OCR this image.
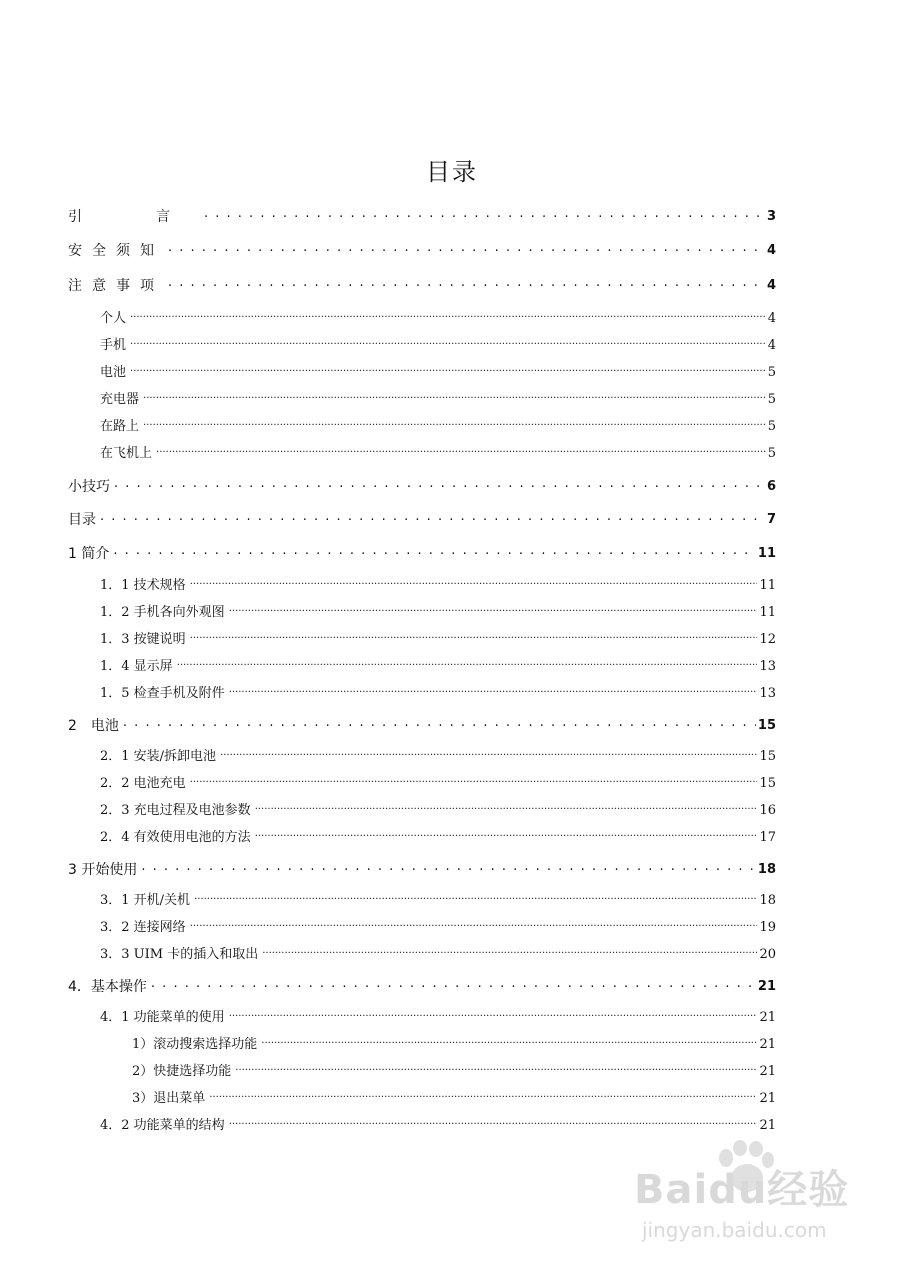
目录
引　言 . . .	3
安全须知 . . .	4
注意事项 . . .	4
个人 .....	4
手机 .....	4
电池 .....	5
充电器 .....	5
在路上 .....	5
在飞机上 .....	5
小技巧 . . .	6
目录 . . .	7
1 简介 . . .	11
1．1 技术规格 .....	11
1．2 手机各向外观图 .....	11
1．3 按键说明 .....	12
1．4 显示屏 .....	13
1．5 检查手机及附件 .....	13
2　电池 . . .	15
2．1 安装/拆卸电池 .....	15
2．2 电池充电 .....	15
2．3 充电过程及电池参数 .....	16
2．4 有效使用电池的方法 .....	17
3 开始使用 . . .	18
3．1 开机/关机 .....	18
3．2 连接网络 .....	19
3．3 UIM 卡的插入和取出 .....	20
4．基本操作 . . .	21
4．1 功能菜单的使用 .....	21
1）滚动搜索选择功能 .....	21
2）快捷选择功能 .....	21
3）退出菜单 .....	21
4．2 功能菜单的结构 .....	21
Baidu经验
jingyan.baidu.com
